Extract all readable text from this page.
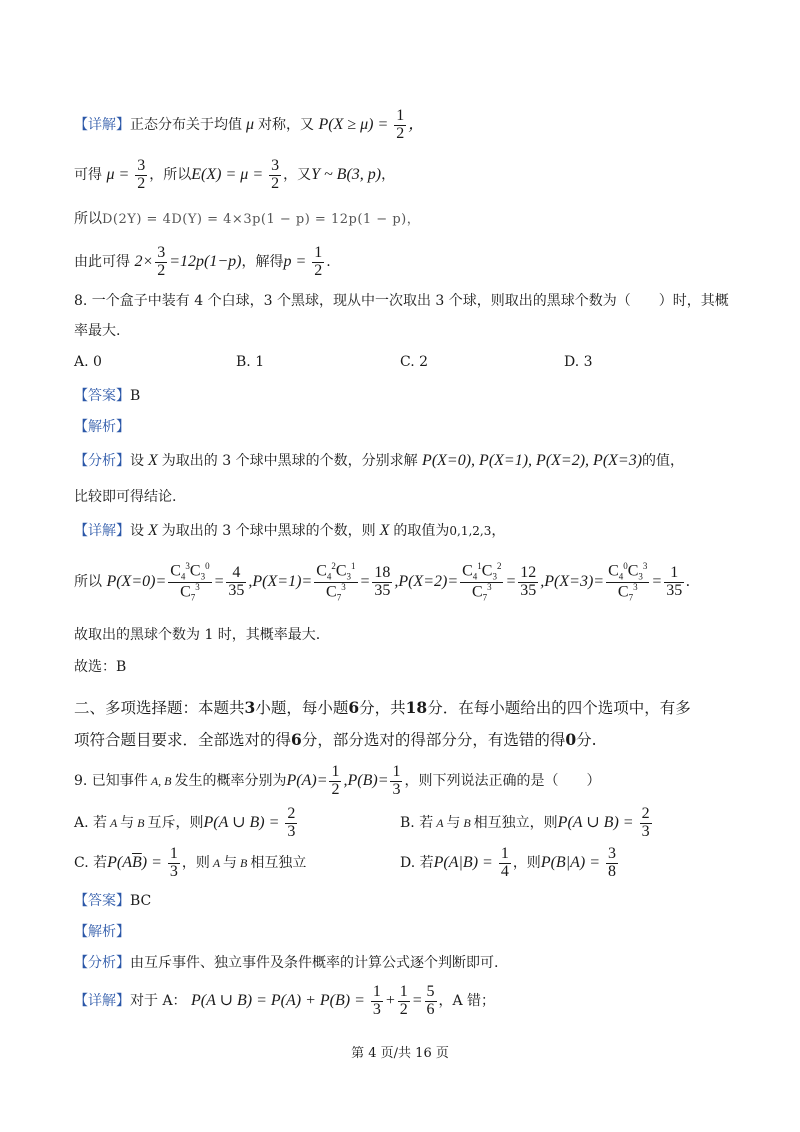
【详解】正态分布关于均值 μ 对称，又 $P(X \ge \mu) = \frac{1}{2}$ ，
可得 $\mu = \frac{3}{2}$ ，所以$E(X) = \mu = \frac{3}{2}$ ，又Y ~ B(3, p)，
所以D(2Y) = 4D(Y) = 4×3p(1 − p) = 12p(1 − p)，
由此可得 $2\times \frac{3}{2} =12p(1-p)$，解得$p = \frac{1}{2}$ .
8. 一个盒子中装有 4 个白球，3 个黑球，现从中一次取出 3 个球，则取出的黑球个数为（　　）时，其概
率最大.
A. 0	B. 1	C. 2	D. 3
【答案】B
【解析】
【分析】设 X 为取出的 3 个球中黑球的个数，分别求解 P(X=0), P(X=1), P(X=2), P(X=3)的值，
比较即可得结论.
【详解】设 X 为取出的 3 个球中黑球的个数，则 X 的取值为0,1,2,3，
所以 $P(X=0)= \frac{C_4^3C_3^0}{C_7^3} = \frac{4}{35} ,P(X=1)= \frac{C_4^2C_3^1}{C_7^3} = \frac{18}{35} ,P(X=2)= \frac{C_4^1C_3^2}{C_7^3} = \frac{12}{35} ,P(X=3)= \frac{C_4^0C_3^3}{C_7^3} = \frac{1}{35}$ .
故取出的黑球个数为 1 时，其概率最大.
故选：B
二、多项选择题：本题共3小题，每小题6分，共18分．在每小题给出的四个选项中，有多
项符合题目要求．全部选对的得6分，部分选对的得部分分，有选错的得0分.
9. 已知事件 A, B 发生的概率分别为$P(A)= \frac{1}{2} ,P(B)= \frac{1}{3}$ ，则下列说法正确的是（　　）
A. 若 A 与 B 互斥，则P(A ∪ $B) = \frac{2}{3}$	B. 若 A 与 B 相互独立，则P(A ∪ $B) = \frac{2}{3}$
C. 若$P(A\overline{B}) = \frac{1}{3}$ ，则 A 与 B 相互独立	D. 若$P(A|B) = \frac{1}{4}$ ，则$P(B|A) = \frac{3}{8}$
【答案】BC
【解析】
【分析】由互斥事件、独立事件及条件概率的计算公式逐个判断即可.
【详解】对于 A： P(A ∪ $B) = P(A) + P(B) = \frac{1}{3} + \frac{1}{2} = \frac{5}{6}$ ，A 错；
第 4 页/共 16 页
